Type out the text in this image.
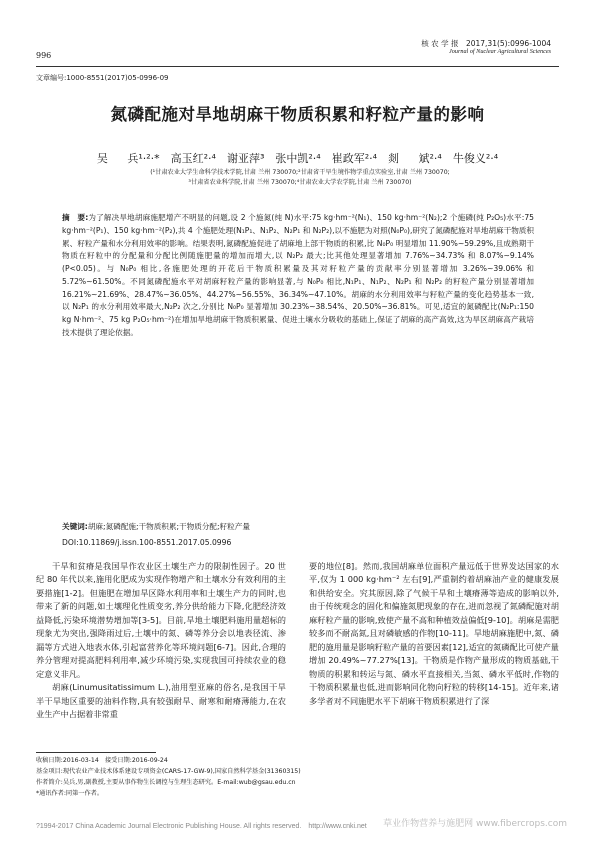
996
核 农 学 报　2017,31(5):0996-1004
Journal of Nuclear Agricultural Sciences
文章编号:1000-8551(2017)05-0996-09
氮磷配施对旱地胡麻干物质积累和籽粒产量的影响
吴 兵¹·²·*　高玉红²·⁴　谢亚萍³　张中凯²·⁴　崔政军²·⁴　剡 斌²·⁴　牛俊义²·⁴
(¹甘肃农业大学生命科学技术学院,甘肃 兰州 730070;²甘肃省干旱生境作物学重点实验室,甘肃 兰州 730070;
³甘肃省农业科学院,甘肃 兰州 730070;⁴甘肃农业大学农学院,甘肃 兰州 730070)
摘　要:为了解决旱地胡麻施肥增产不明显的问题,设 2 个施氮(纯 N)水平:75 kg·hm⁻²(N₁)、150 kg·hm⁻²(N₂);2 个施磷(纯 P₂O₅)水平:75 kg·hm⁻²(P₁)、150 kg·hm⁻²(P₂),共 4 个施肥处理(N₁P₁、N₁P₂、N₂P₁ 和 N₂P₂),以不施肥为对照(N₀P₀),研究了氮磷配施对旱地胡麻干物质积累、籽粒产量和水分利用效率的影响。结果表明,氮磷配施促进了胡麻地上部干物质的积累,比 N₀P₀ 明显增加 11.90%~59.29%,且成熟期干物质在籽粒中的分配量和分配比例随施肥量的增加而增大,以 N₂P₂ 最大;比其他处理显著增加 7.76%~34.73% 和 8.07%~9.14%(P<0.05)。与 N₀P₀ 相比,各施肥处理的开花后干物质积累量及其对籽粒产量的贡献率分别显著增加 3.26%~39.06% 和 5.72%~61.50%。不同氮磷配施水平对胡麻籽粒产量的影响显著,与 N₀P₀ 相比,N₁P₁、N₁P₂、N₂P₁ 和 N₂P₂ 的籽粒产量分别显著增加 16.21%~21.69%、28.47%~36.05%、44.27%~56.55%、36.34%~47.10%。胡麻的水分利用效率与籽粒产量的变化趋势基本一致,以 N₂P₁ 的水分利用效率最大,N₂P₂ 次之,分别比 N₀P₀ 显著增加 30.23%~38.54%、20.50%~36.81%。可见,适宜的氮磷配比(N₂P₁:150 kg N·hm⁻²、75 kg P₂O₅·hm⁻²)在增加旱地胡麻干物质积累量、促进土壤水分吸收的基础上,保证了胡麻的高产高效,这为旱区胡麻高产栽培技术提供了理论依据。
关键词:胡麻;氮磷配施;干物质积累;干物质分配;籽粒产量
DOI:10.11869/j.issn.100-8551.2017.05.0996

干旱和贫瘠是我国旱作农业区土壤生产力的限制性因子。20 世纪 80 年代以来,施用化肥成为实现作物增产和土壤水分有效利用的主要措施[1-2]。但施肥在增加旱区降水利用率和土壤生产力的同时,也带来了新的问题,如土壤理化性质变劣,养分供给能力下降,化肥经济效益降低,污染环境潜势增加等[3-5]。目前,旱地土壤肥料施用量超标的现象尤为突出,强降雨过后,土壤中的氮、磷等养分会以地表径流、渗漏等方式进入地表水体,引起富营养化等环境问题[6-7]。因此,合理的养分管理对提高肥料利用率,减少环境污染,实现我国可持续农业的稳定意义非凡。

胡麻(Linumusitatissimum L.),油用型亚麻的俗名,是我国干旱半干旱地区重要的油料作物,具有较强耐旱、耐寒和耐瘠薄能力,在农业生产中占据着非常重

要的地位[8]。然而,我国胡麻单位面积产量远低于世界发达国家的水平,仅为 1 000 kg·hm⁻² 左右[9],严重制约着胡麻油产业的健康发展和供给安全。究其原因,除了气候干旱和土壤瘠薄等造成的影响以外,由于传统观念的固化和偏施氮肥现象的存在,进而忽视了氮磷配施对胡麻籽粒产量的影响,致使产量不高和种植效益偏低[9-10]。胡麻是需肥较多而不耐高氮,且对磷敏感的作物[10-11]。旱地胡麻施肥中,氮、磷肥的施用量是影响籽粒产量的首要因素[12],适宜的氮磷配比可使产量增加 20.49%~77.27%[13]。干物质是作物产量形成的物质基础,干物质的积累和转运与氮、磷水平直接相关,当氮、磷水平低时,作物的干物质积累量也低,进而影响同化物向籽粒的转移[14-15]。近年来,诸多学者对不同施肥水平下胡麻干物质积累进行了深

收稿日期:2016-03-14　接受日期:2016-09-24
基金项目:现代农业产业技术体系建设专项资金(CARS-17-GW-9),国家自然科学基金(31360315)
作者简介:吴兵,男,副教授,主要从事作物生长调控与生理生态研究。E-mail:wub@gsau.edu.cn
*通讯作者:同第一作者。
?1994-2017 China Academic Journal Electronic Publishing House. All rights reserved.　http://www.cnki.net	草业作物营养与施肥网 www.fibercrops.com
